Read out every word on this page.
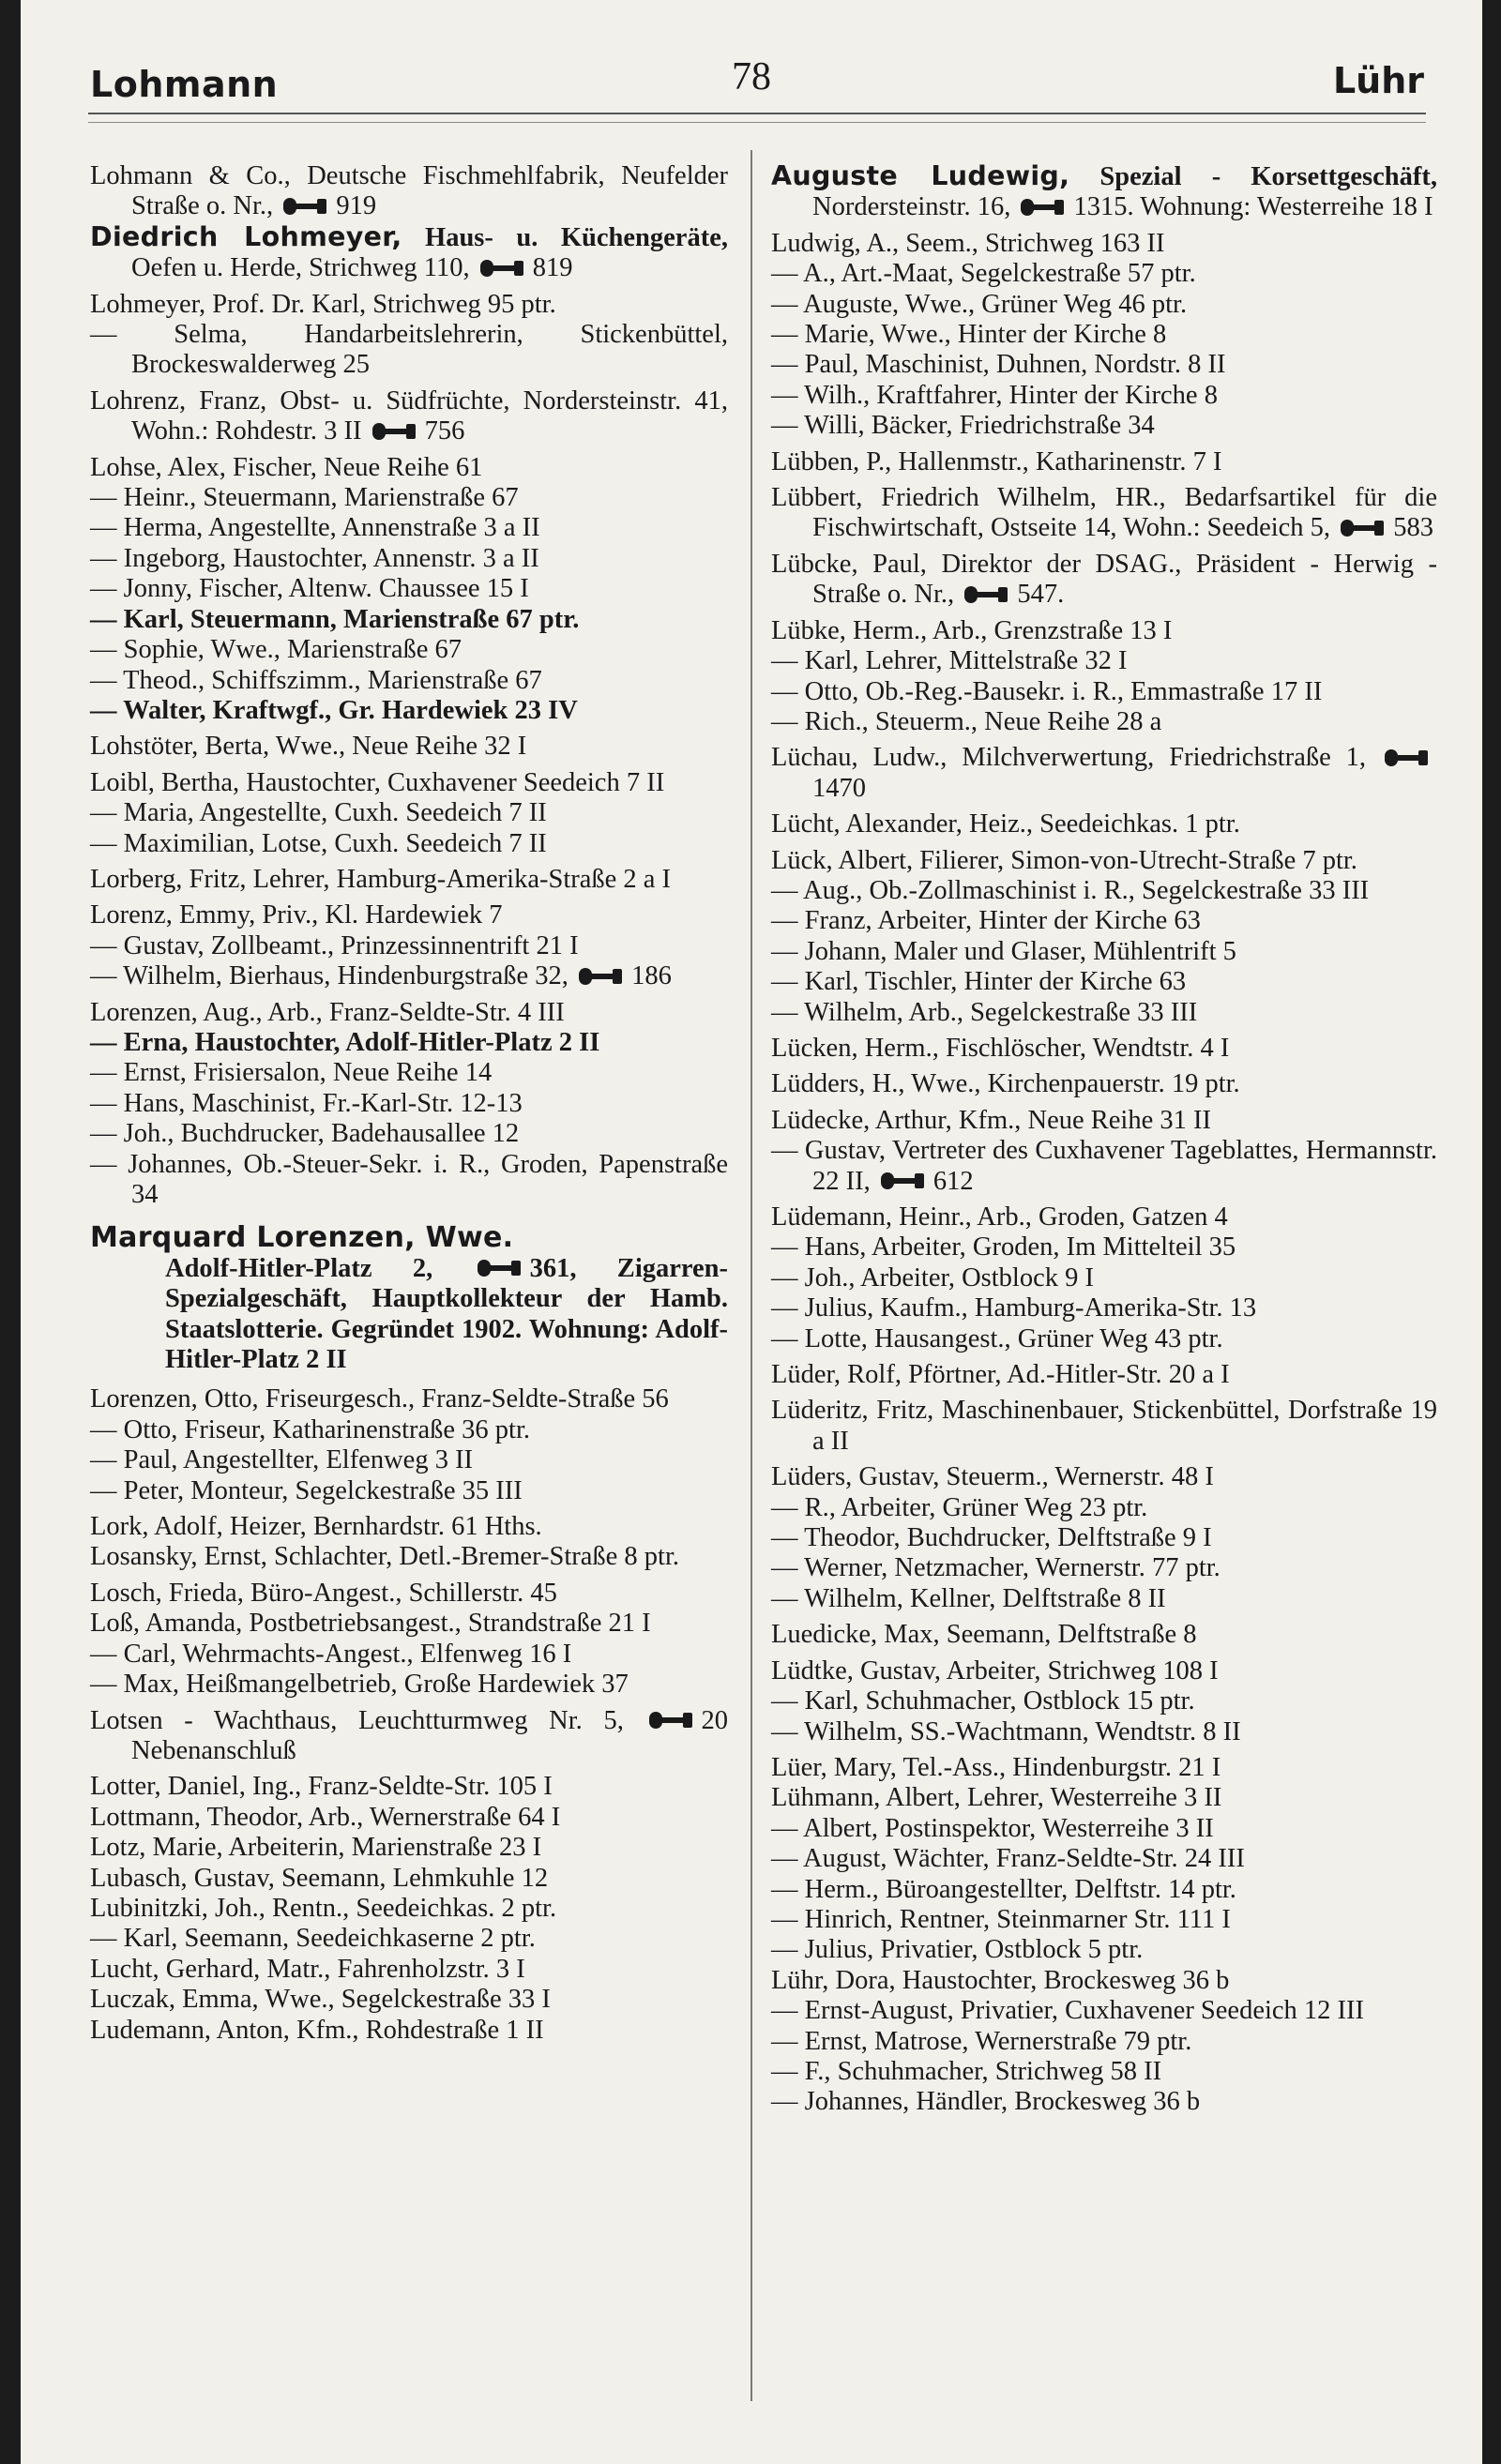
Lohmann	78	Lühr
Lohmann & Co., Deutsche Fischmehlfabrik, Neufelder Straße o. Nr.,
919
Diedrich Lohmeyer, Haus- u. Küchengeräte, Oefen u. Herde, Strichweg 110,
819
Lohmeyer, Prof. Dr. Karl, Strichweg 95 ptr.
— Selma, Handarbeitslehrerin, Stickenbüttel, Brockeswalderweg 25
Lohrenz, Franz, Obst- u. Südfrüchte, Nordersteinstr. 41, Wohn.: Rohdestr. 3 II
756
Lohse, Alex, Fischer, Neue Reihe 61
— Heinr., Steuermann, Marienstraße 67
— Herma, Angestellte, Annenstraße 3 a II
— Ingeborg, Haustochter, Annenstr. 3 a II
— Jonny, Fischer, Altenw. Chaussee 15 I
— Karl, Steuermann, Marienstraße 67 ptr.
— Sophie, Wwe., Marienstraße 67
— Theod., Schiffszimm., Marienstraße 67
— Walter, Kraftwgf., Gr. Hardewiek 23 IV
Lohstöter, Berta, Wwe., Neue Reihe 32 I
Loibl, Bertha, Haustochter, Cuxhavener Seedeich 7 II
— Maria, Angestellte, Cuxh. Seedeich 7 II
— Maximilian, Lotse, Cuxh. Seedeich 7 II
Lorberg, Fritz, Lehrer, Hamburg-Amerika-Straße 2 a I
Lorenz, Emmy, Priv., Kl. Hardewiek 7
— Gustav, Zollbeamt., Prinzessinnentrift 21 I
— Wilhelm, Bierhaus, Hindenburgstraße 32,
186
Lorenzen, Aug., Arb., Franz-Seldte-Str. 4 III
— Erna, Haustochter, Adolf-Hitler-Platz 2 II
— Ernst, Frisiersalon, Neue Reihe 14
— Hans, Maschinist, Fr.-Karl-Str. 12-13
— Joh., Buchdrucker, Badehausallee 12
— Johannes, Ob.-Steuer-Sekr. i. R., Groden, Papenstraße 34
Marquard Lorenzen, Wwe.
Adolf-Hitler-Platz 2,
361, Zigarren-Spezialgeschäft, Hauptkollekteur der Hamb. Staatslotterie. Gegründet 1902. Wohnung: Adolf-Hitler-Platz 2 II
Lorenzen, Otto, Friseurgesch., Franz-Seldte-Straße 56
— Otto, Friseur, Katharinenstraße 36 ptr.
— Paul, Angestellter, Elfenweg 3 II
— Peter, Monteur, Segelckestraße 35 III
Lork, Adolf, Heizer, Bernhardstr. 61 Hths.
Losansky, Ernst, Schlachter, Detl.-Bremer-Straße 8 ptr.
Losch, Frieda, Büro-Angest., Schillerstr. 45
Loß, Amanda, Postbetriebsangest., Strandstraße 21 I
— Carl, Wehrmachts-Angest., Elfenweg 16 I
— Max, Heißmangelbetrieb, Große Hardewiek 37
Lotsen - Wachthaus, Leuchtturmweg Nr. 5,
20 Nebenanschluß
Lotter, Daniel, Ing., Franz-Seldte-Str. 105 I
Lottmann, Theodor, Arb., Wernerstraße 64 I
Lotz, Marie, Arbeiterin, Marienstraße 23 I
Lubasch, Gustav, Seemann, Lehmkuhle 12
Lubinitzki, Joh., Rentn., Seedeichkas. 2 ptr.
— Karl, Seemann, Seedeichkaserne 2 ptr.
Lucht, Gerhard, Matr., Fahrenholzstr. 3 I
Luczak, Emma, Wwe., Segelckestraße 33 I
Ludemann, Anton, Kfm., Rohdestraße 1 II
Auguste Ludewig, Spezial - Korsettgeschäft, Nordersteinstr. 16,
1315. Wohnung: Westerreihe 18 I
Ludwig, A., Seem., Strichweg 163 II
— A., Art.-Maat, Segelckestraße 57 ptr.
— Auguste, Wwe., Grüner Weg 46 ptr.
— Marie, Wwe., Hinter der Kirche 8
— Paul, Maschinist, Duhnen, Nordstr. 8 II
— Wilh., Kraftfahrer, Hinter der Kirche 8
— Willi, Bäcker, Friedrichstraße 34
Lübben, P., Hallenmstr., Katharinenstr. 7 I
Lübbert, Friedrich Wilhelm, HR., Bedarfsartikel für die Fischwirtschaft, Ostseite 14, Wohn.: Seedeich 5,
583
Lübcke, Paul, Direktor der DSAG., Präsident - Herwig - Straße o. Nr.,
547.
Lübke, Herm., Arb., Grenzstraße 13 I
— Karl, Lehrer, Mittelstraße 32 I
— Otto, Ob.-Reg.-Bausekr. i. R., Emmastraße 17 II
— Rich., Steuerm., Neue Reihe 28 a
Lüchau, Ludw., Milchverwertung, Friedrichstraße 1,
1470
Lücht, Alexander, Heiz., Seedeichkas. 1 ptr.
Lück, Albert, Filierer, Simon-von-Utrecht-Straße 7 ptr.
— Aug., Ob.-Zollmaschinist i. R., Segelckestraße 33 III
— Franz, Arbeiter, Hinter der Kirche 63
— Johann, Maler und Glaser, Mühlentrift 5
— Karl, Tischler, Hinter der Kirche 63
— Wilhelm, Arb., Segelckestraße 33 III
Lücken, Herm., Fischlöscher, Wendtstr. 4 I
Lüdders, H., Wwe., Kirchenpauerstr. 19 ptr.
Lüdecke, Arthur, Kfm., Neue Reihe 31 II
— Gustav, Vertreter des Cuxhavener Tageblattes, Hermannstr. 22 II,
612
Lüdemann, Heinr., Arb., Groden, Gatzen 4
— Hans, Arbeiter, Groden, Im Mittelteil 35
— Joh., Arbeiter, Ostblock 9 I
— Julius, Kaufm., Hamburg-Amerika-Str. 13
— Lotte, Hausangest., Grüner Weg 43 ptr.
Lüder, Rolf, Pförtner, Ad.-Hitler-Str. 20 a I
Lüderitz, Fritz, Maschinenbauer, Stickenbüttel, Dorfstraße 19 a II
Lüders, Gustav, Steuerm., Wernerstr. 48 I
— R., Arbeiter, Grüner Weg 23 ptr.
— Theodor, Buchdrucker, Delftstraße 9 I
— Werner, Netzmacher, Wernerstr. 77 ptr.
— Wilhelm, Kellner, Delftstraße 8 II
Luedicke, Max, Seemann, Delftstraße 8
Lüdtke, Gustav, Arbeiter, Strichweg 108 I
— Karl, Schuhmacher, Ostblock 15 ptr.
— Wilhelm, SS.-Wachtmann, Wendtstr. 8 II
Lüer, Mary, Tel.-Ass., Hindenburgstr. 21 I
Lühmann, Albert, Lehrer, Westerreihe 3 II
— Albert, Postinspektor, Westerreihe 3 II
— August, Wächter, Franz-Seldte-Str. 24 III
— Herm., Büroangestellter, Delftstr. 14 ptr.
— Hinrich, Rentner, Steinmarner Str. 111 I
— Julius, Privatier, Ostblock 5 ptr.
Lühr, Dora, Haustochter, Brockesweg 36 b
— Ernst-August, Privatier, Cuxhavener Seedeich 12 III
— Ernst, Matrose, Wernerstraße 79 ptr.
— F., Schuhmacher, Strichweg 58 II
— Johannes, Händler, Brockesweg 36 b
